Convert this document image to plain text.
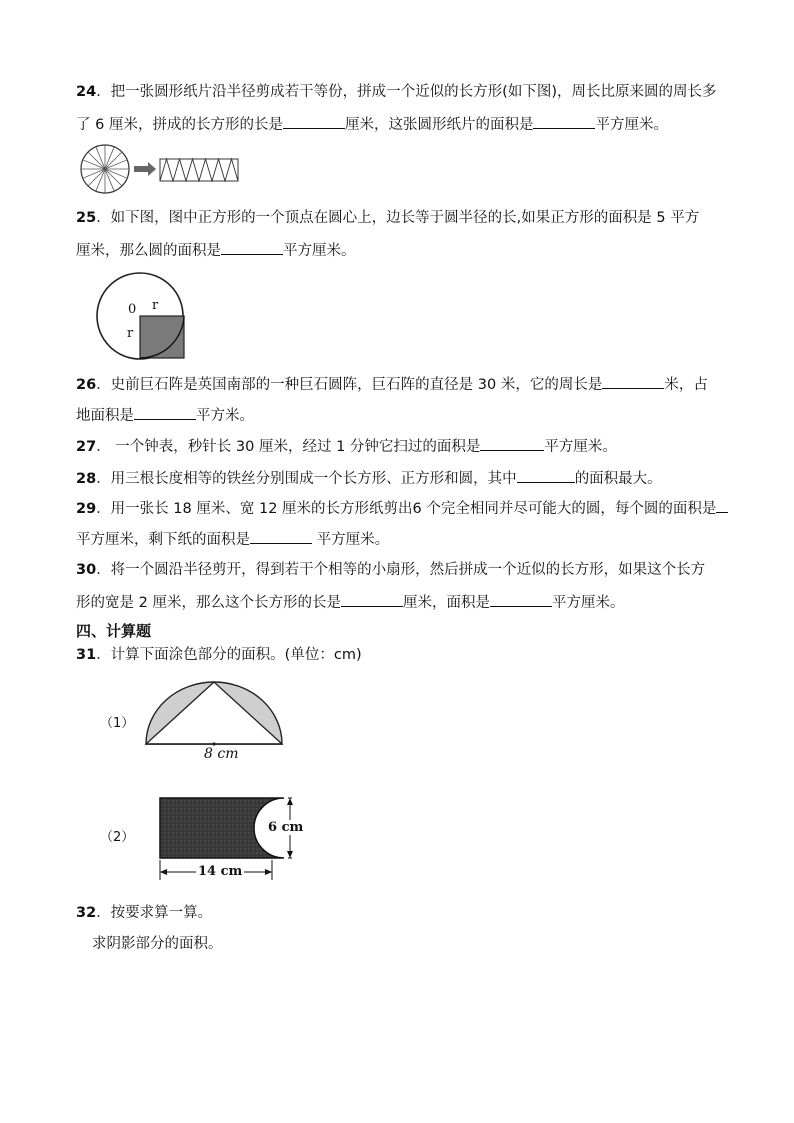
24．把一张圆形纸片沿半径剪成若干等份，拼成一个近似的长方形(如下图)，周长比原来圆的周长多
了 6 厘米，拼成的长方形的长是	厘米，这张圆形纸片的面积是	平方厘米。
25．如下图，图中正方形的一个顶点在圆心上，边长等于圆半径的长,如果正方形的面积是 5 平方
厘米，那么圆的面积是	平方厘米。
r
0
r
26．史前巨石阵是英国南部的一种巨石圆阵，巨石阵的直径是 30 米，它的周长是	米，占
地面积是	平方米。
27． 一个钟表，秒针长 30 厘米，经过 1 分钟它扫过的面积是	平方厘米。
28．用三根长度相等的铁丝分别围成一个长方形、正方形和圆，其中	的面积最大。
29．用一张长 18 厘米、宽 12 厘米的长方形纸剪出6 个完全相同并尽可能大的圆，每个圆的面积是
平方厘米，剩下纸的面积是	平方厘米。
30．将一个圆沿半径剪开，得到若干个相等的小扇形，然后拼成一个近似的长方形，如果这个长方
形的宽是 2 厘米，那么这个长方形的长是	厘米，面积是	平方厘米。
四、计算题
31．计算下面涂色部分的面积。(单位：cm)
（1）
8 cm
（2）
6 cm
14 cm
32．按要求算一算。
求阴影部分的面积。
